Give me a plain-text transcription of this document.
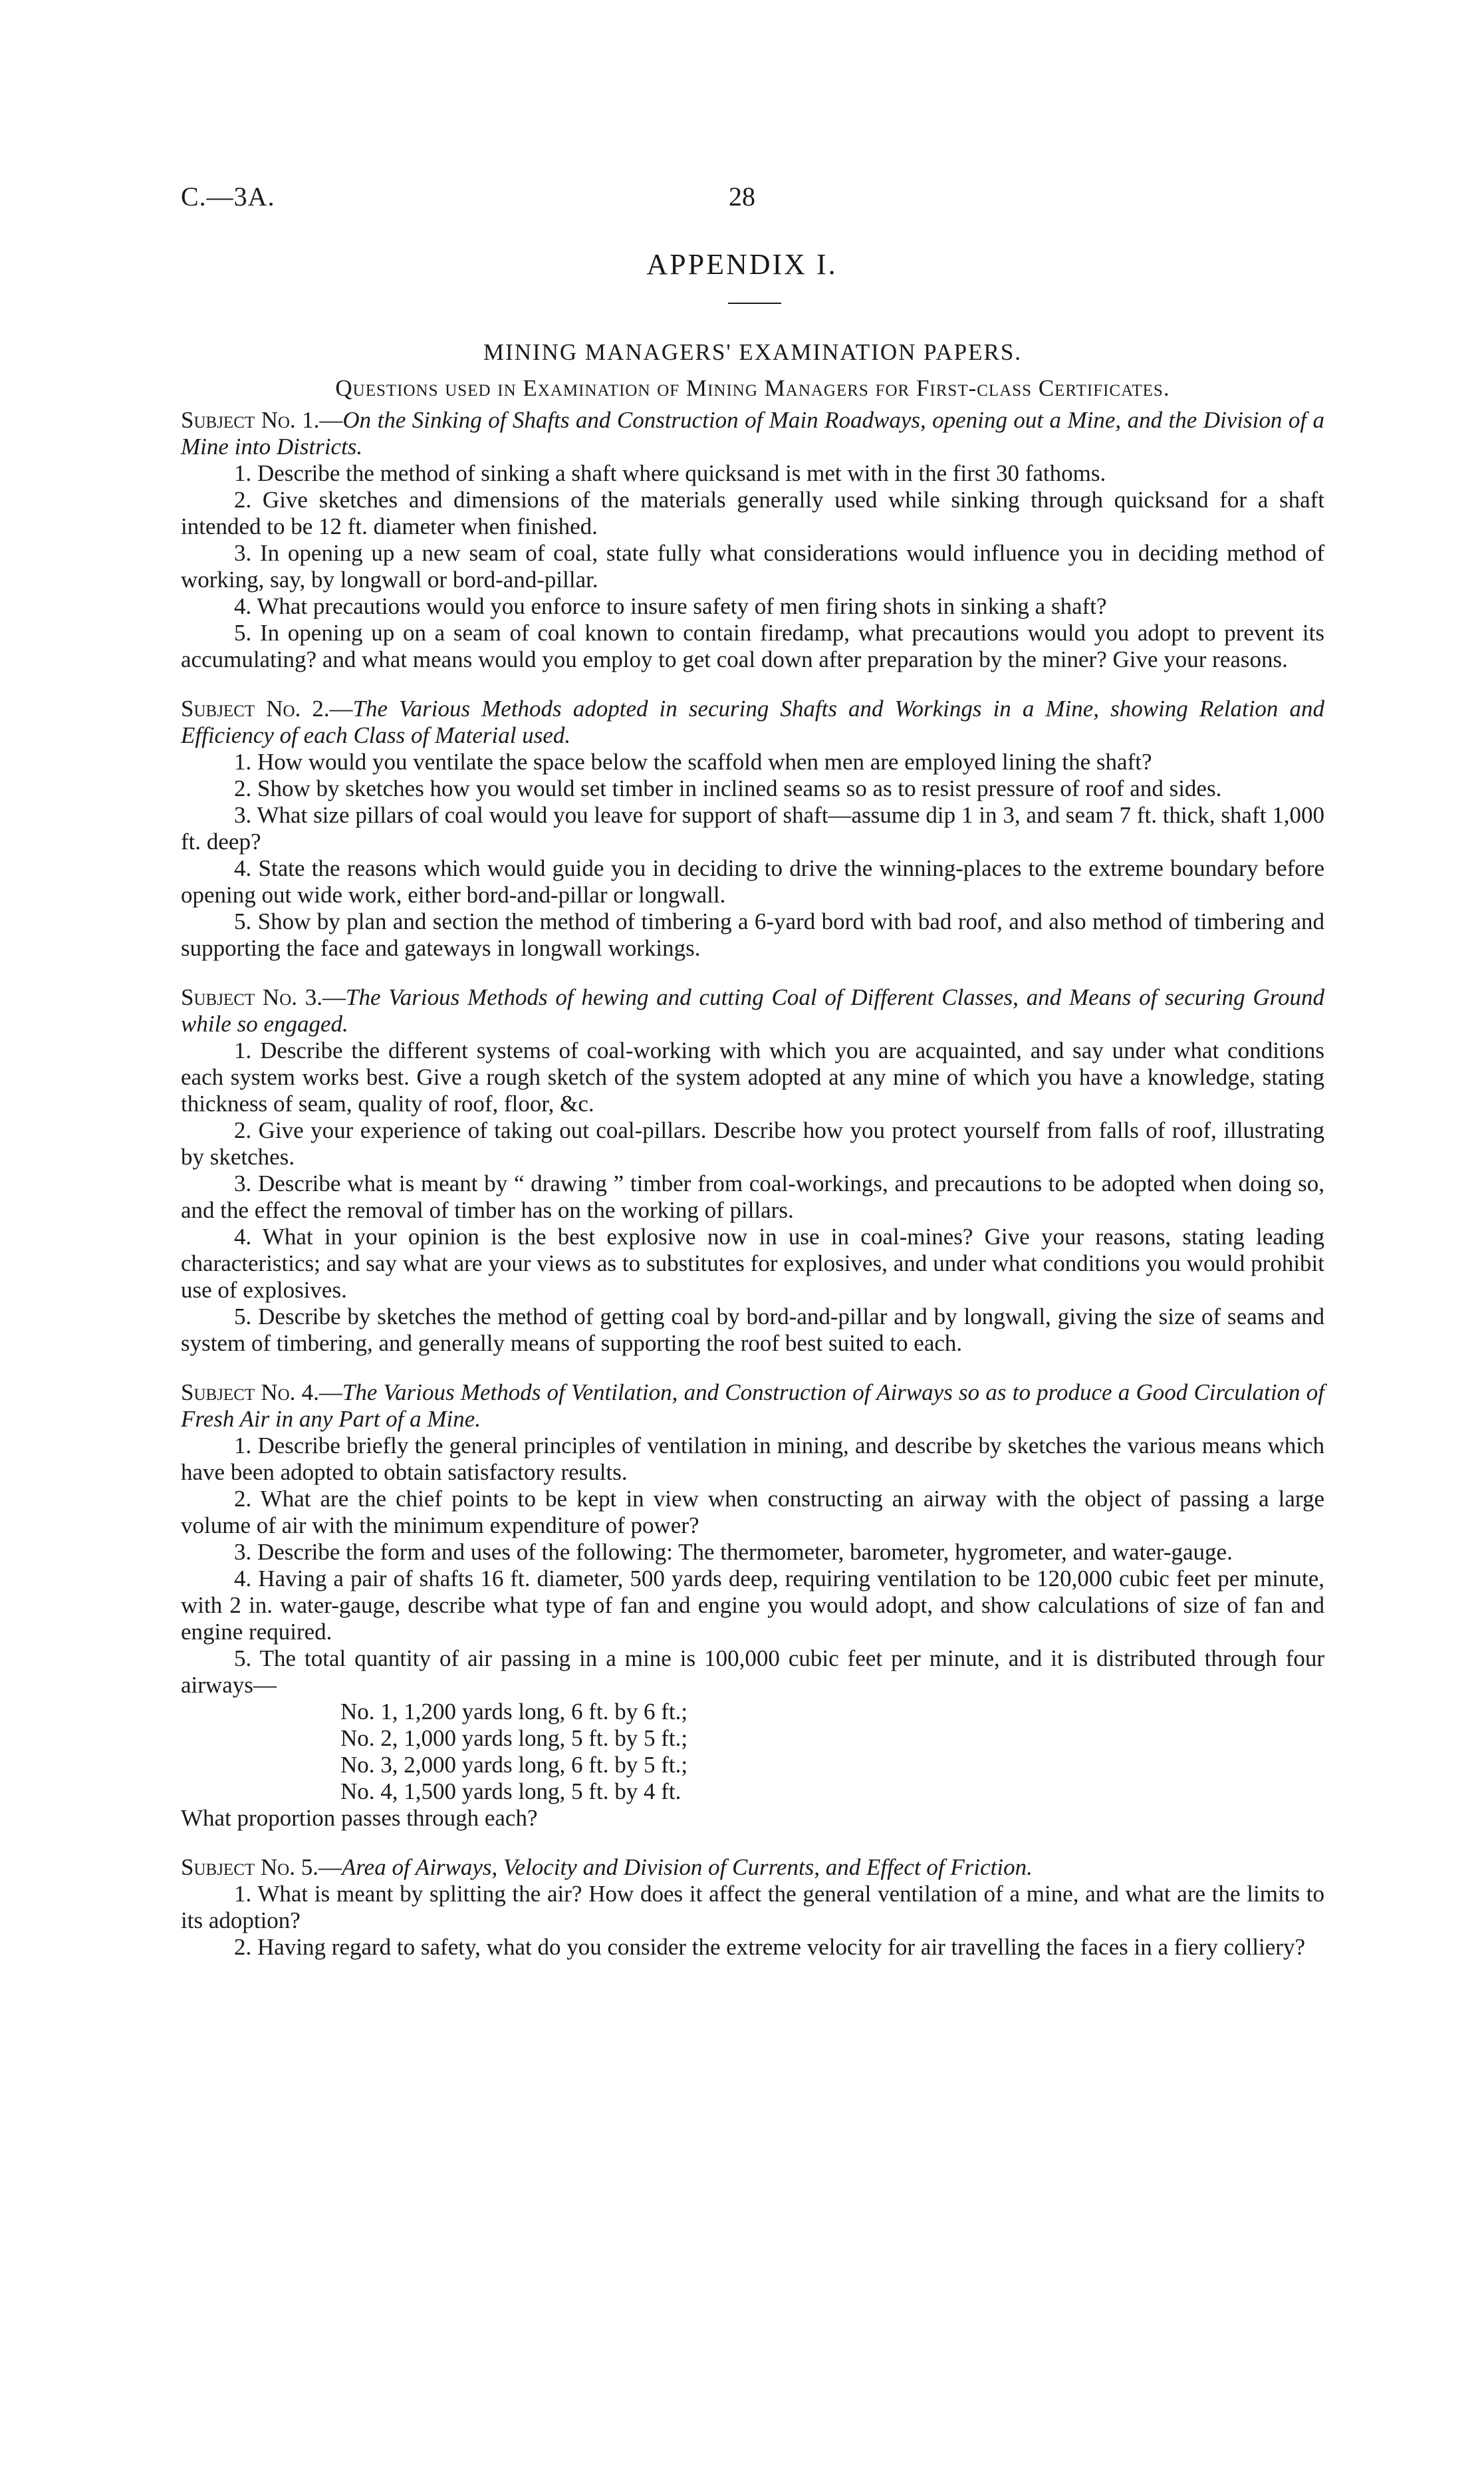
C.—3A.	28
APPENDIX I.
MINING MANAGERS' EXAMINATION PAPERS.
Questions used in Examination of Mining Managers for First-class Certificates.

Subject No. 1.—On the Sinking of Shafts and Construction of Main Roadways, opening out a Mine, and the Division of a Mine into Districts.

1. Describe the method of sinking a shaft where quicksand is met with in the first 30 fathoms.

2. Give sketches and dimensions of the materials generally used while sinking through quicksand for a shaft intended to be 12 ft. diameter when finished.

3. In opening up a new seam of coal, state fully what considerations would influence you in deciding method of working, say, by longwall or bord-and-pillar.

4. What precautions would you enforce to insure safety of men firing shots in sinking a shaft?

5. In opening up on a seam of coal known to contain firedamp, what precautions would you adopt to prevent its accumulating? and what means would you employ to get coal down after preparation by the miner? Give your reasons.

Subject No. 2.—The Various Methods adopted in securing Shafts and Workings in a Mine, showing Relation and Efficiency of each Class of Material used.

1. How would you ventilate the space below the scaffold when men are employed lining the shaft?

2. Show by sketches how you would set timber in inclined seams so as to resist pressure of roof and sides.

3. What size pillars of coal would you leave for support of shaft—assume dip 1 in 3, and seam 7 ft. thick, shaft 1,000 ft. deep?

4. State the reasons which would guide you in deciding to drive the winning-places to the extreme boundary before opening out wide work, either bord-and-pillar or longwall.

5. Show by plan and section the method of timbering a 6-yard bord with bad roof, and also method of timbering and supporting the face and gateways in longwall workings.

Subject No. 3.—The Various Methods of hewing and cutting Coal of Different Classes, and Means of securing Ground while so engaged.

1. Describe the different systems of coal-working with which you are acquainted, and say under what conditions each system works best. Give a rough sketch of the system adopted at any mine of which you have a knowledge, stating thickness of seam, quality of roof, floor, &c.

2. Give your experience of taking out coal-pillars. Describe how you protect yourself from falls of roof, illustrating by sketches.

3. Describe what is meant by “ drawing ” timber from coal-workings, and precautions to be adopted when doing so, and the effect the removal of timber has on the working of pillars.

4. What in your opinion is the best explosive now in use in coal-mines? Give your reasons, stating leading characteristics; and say what are your views as to substitutes for explosives, and under what conditions you would prohibit use of explosives.

5. Describe by sketches the method of getting coal by bord-and-pillar and by longwall, giving the size of seams and system of timbering, and generally means of supporting the roof best suited to each.

Subject No. 4.—The Various Methods of Ventilation, and Construction of Airways so as to produce a Good Circulation of Fresh Air in any Part of a Mine.

1. Describe briefly the general principles of ventilation in mining, and describe by sketches the various means which have been adopted to obtain satisfactory results.

2. What are the chief points to be kept in view when constructing an airway with the object of passing a large volume of air with the minimum expenditure of power?

3. Describe the form and uses of the following: The thermometer, barometer, hygrometer, and water-gauge.

4. Having a pair of shafts 16 ft. diameter, 500 yards deep, requiring ventilation to be 120,000 cubic feet per minute, with 2 in. water-gauge, describe what type of fan and engine you would adopt, and show calculations of size of fan and engine required.

5. The total quantity of air passing in a mine is 100,000 cubic feet per minute, and it is distributed through four airways—

No. 1, 1,200 yards long, 6 ft. by 6 ft.;
No. 2, 1,000 yards long, 5 ft. by 5 ft.;
No. 3, 2,000 yards long, 6 ft. by 5 ft.;
No. 4, 1,500 yards long, 5 ft. by 4 ft.

What proportion passes through each?

Subject No. 5.—Area of Airways, Velocity and Division of Currents, and Effect of Friction.

1. What is meant by splitting the air? How does it affect the general ventilation of a mine, and what are the limits to its adoption?

2. Having regard to safety, what do you consider the extreme velocity for air travelling the faces in a fiery colliery?
